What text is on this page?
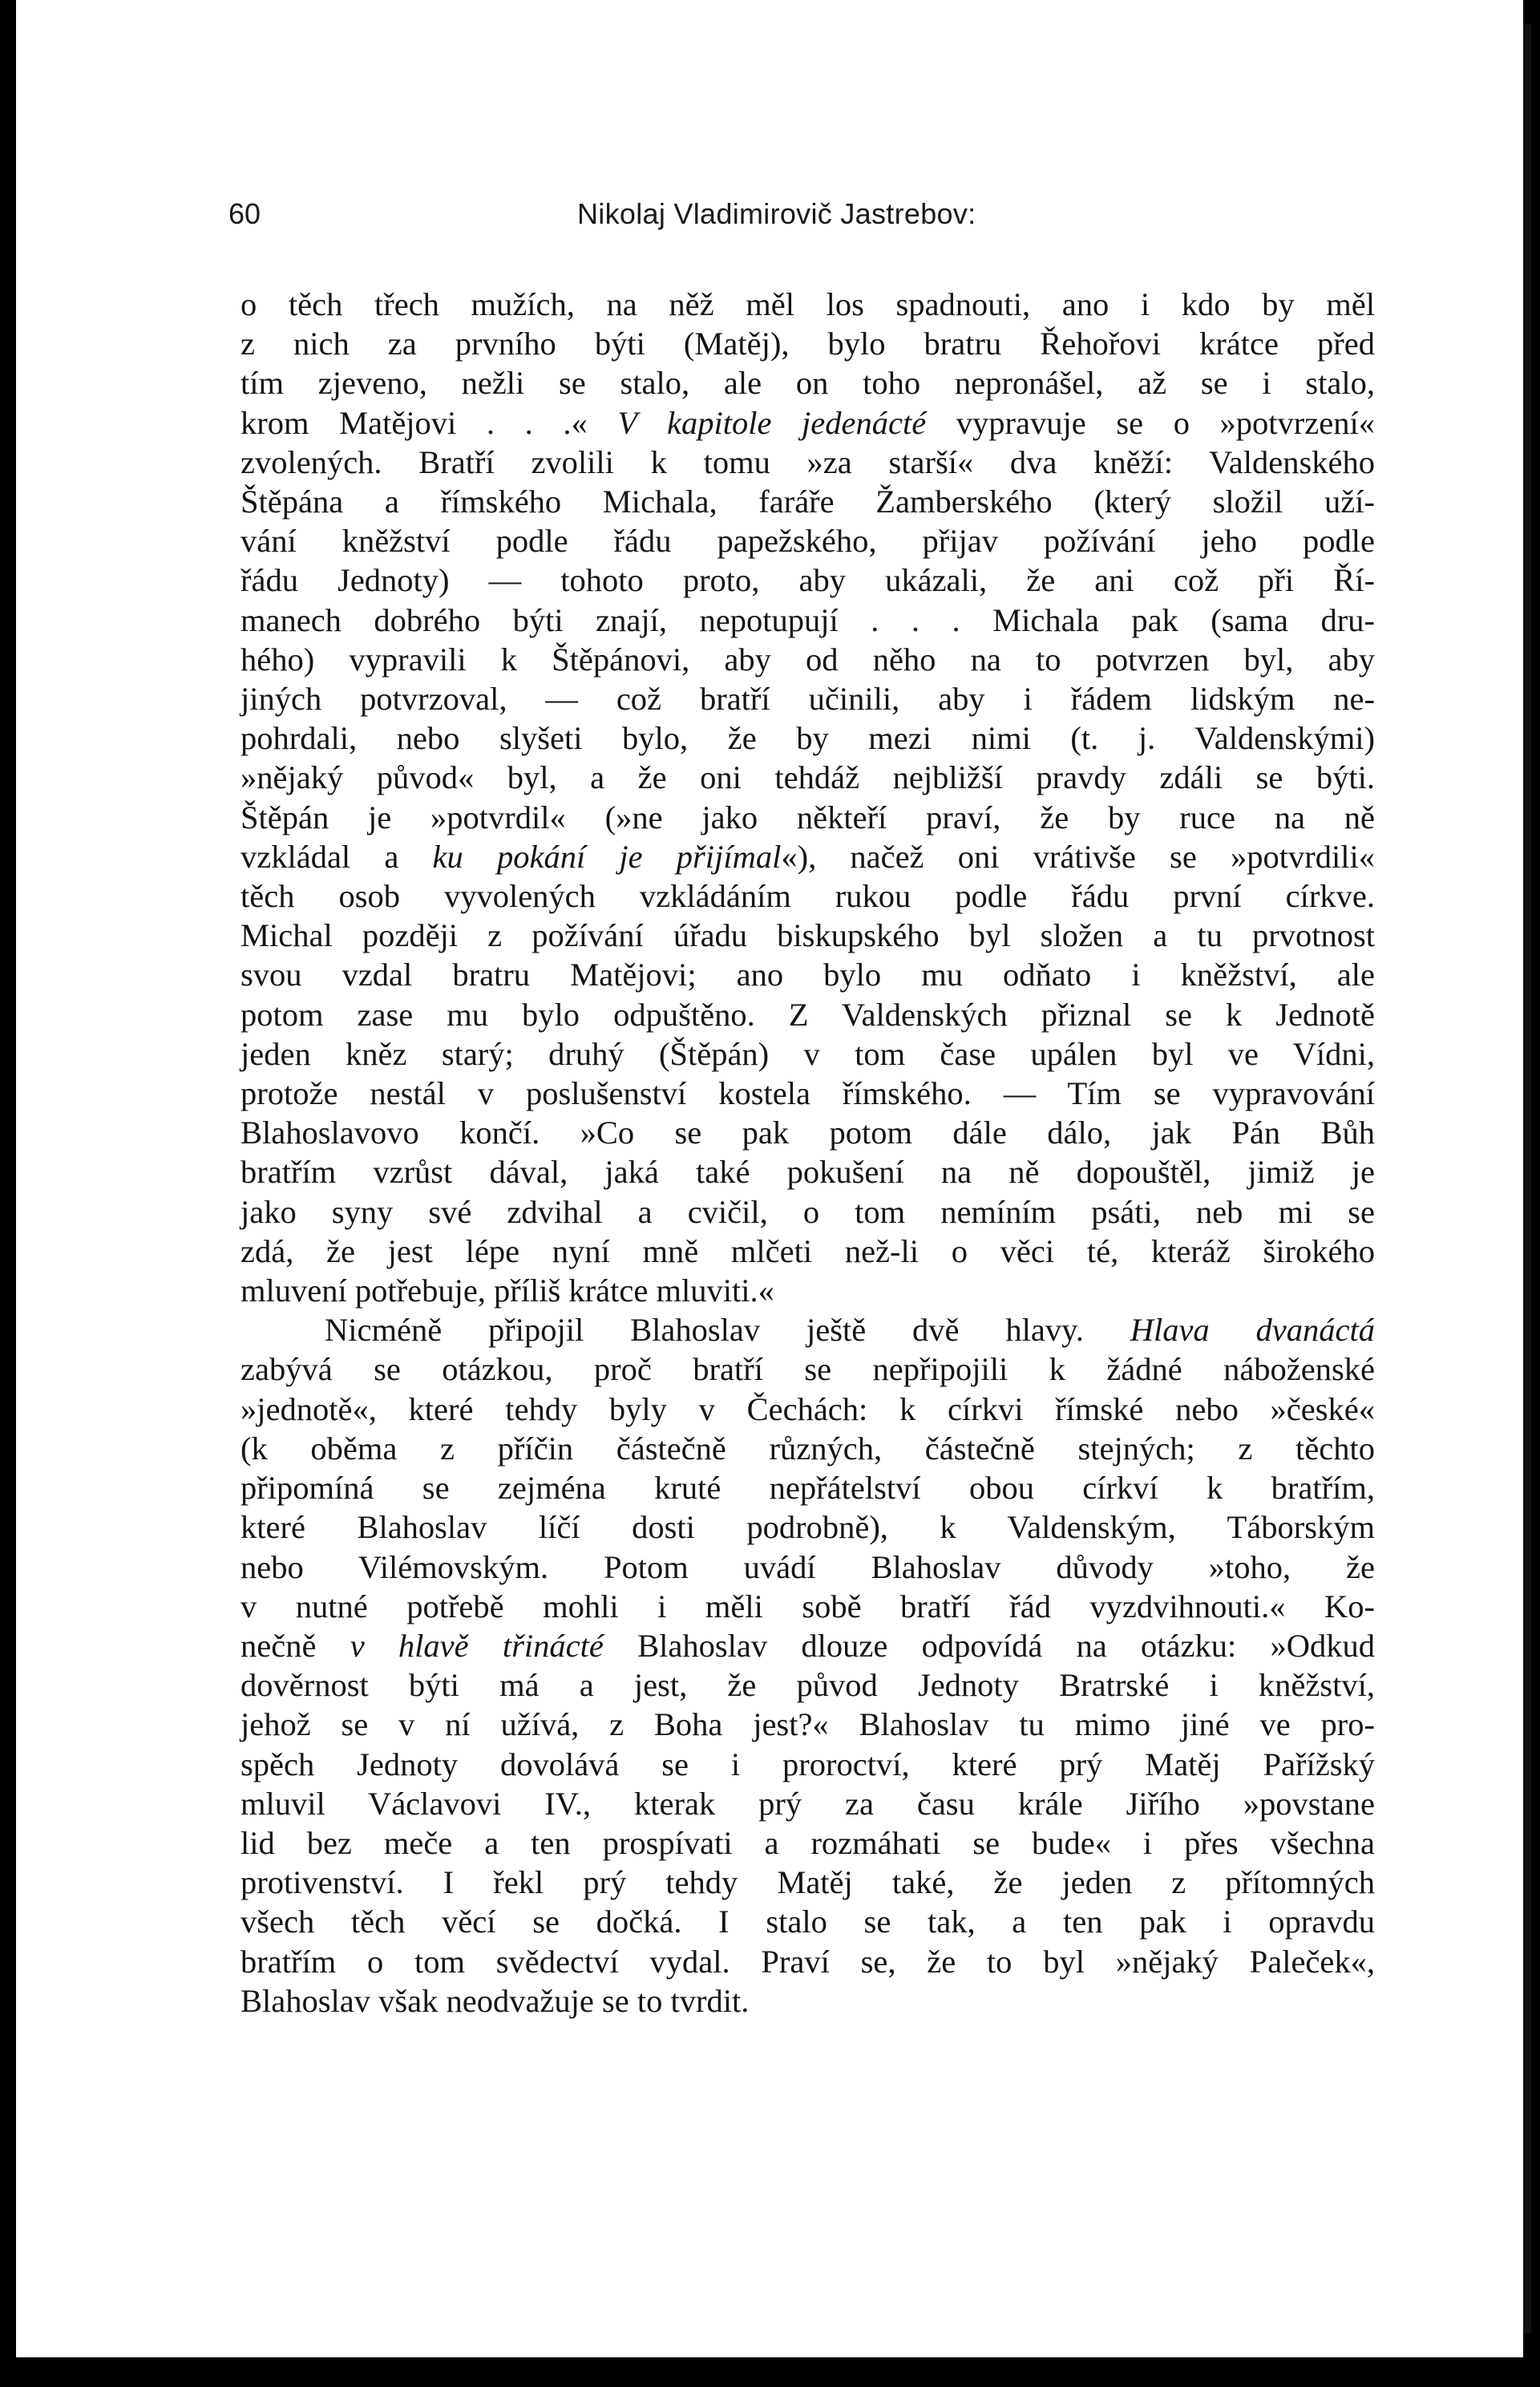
60	Nikolaj Vladimirovič Jastrebov:
o těch třech mužích, na něž měl los spadnouti, ano i kdo by měl
z nich za prvního býti (Matěj), bylo bratru Řehořovi krátce před
tím zjeveno, nežli se stalo, ale on toho nepronášel, až se i stalo,
krom Matějovi . . .« V kapitole jedenácté vypravuje se o »potvrzení«
zvolených. Bratří zvolili k tomu »za starší« dva kněží: Valdenského
Štěpána a římského Michala, faráře Žamberského (který složil uží-
vání kněžství podle řádu papežského, přijav požívání jeho podle
řádu Jednoty) — tohoto proto, aby ukázali, že ani což při Ří-
manech dobrého býti znají, nepotupují . . . Michala pak (sama dru-
hého) vypravili k Štěpánovi, aby od něho na to potvrzen byl, aby
jiných potvrzoval, — což bratří učinili, aby i řádem lidským ne-
pohrdali, nebo slyšeti bylo, že by mezi nimi (t. j. Valdenskými)
»nějaký původ« byl, a že oni tehdáž nejbližší pravdy zdáli se býti.
Štěpán je »potvrdil« (»ne jako někteří praví, že by ruce na ně
vzkládal a ku pokání je přijímal«), načež oni vrátivše se »potvrdili«
těch osob vyvolených vzkládáním rukou podle řádu první církve.
Michal později z požívání úřadu biskupského byl složen a tu prvotnost
svou vzdal bratru Matějovi; ano bylo mu odňato i kněžství, ale
potom zase mu bylo odpuštěno. Z Valdenských přiznal se k Jednotě
jeden kněz starý; druhý (Štěpán) v tom čase upálen byl ve Vídni,
protože nestál v poslušenství kostela římského. — Tím se vypravování
Blahoslavovo končí. »Co se pak potom dále dálo, jak Pán Bůh
bratřím vzrůst dával, jaká také pokušení na ně dopouštěl, jimiž je
jako syny své zdvihal a cvičil, o tom nemíním psáti, neb mi se
zdá, že jest lépe nyní mně mlčeti než-li o věci té, kteráž širokého
mluvení potřebuje, příliš krátce mluviti.«
Nicméně připojil Blahoslav ještě dvě hlavy. Hlava dvanáctá
zabývá se otázkou, proč bratří se nepřipojili k žádné náboženské
»jednotě«, které tehdy byly v Čechách: k církvi římské nebo »české«
(k oběma z příčin částečně různých, částečně stejných; z těchto
připomíná se zejména kruté nepřátelství obou církví k bratřím,
které Blahoslav líčí dosti podrobně), k Valdenským, Táborským
nebo Vilémovským. Potom uvádí Blahoslav důvody »toho, že
v nutné potřebě mohli i měli sobě bratří řád vyzdvihnouti.« Ko-
nečně v hlavě třinácté Blahoslav dlouze odpovídá na otázku: »Odkud
dověrnost býti má a jest, že původ Jednoty Bratrské i kněžství,
jehož se v ní užívá, z Boha jest?« Blahoslav tu mimo jiné ve pro-
spěch Jednoty dovolává se i proroctví, které prý Matěj Pařížský
mluvil Václavovi IV., kterak prý za času krále Jiřího »povstane
lid bez meče a ten prospívati a rozmáhati se bude« i přes všechna
protivenství. I řekl prý tehdy Matěj také, že jeden z přítomných
všech těch věcí se dočká. I stalo se tak, a ten pak i opravdu
bratřím o tom svědectví vydal. Praví se, že to byl »nějaký Paleček«,
Blahoslav však neodvažuje se to tvrdit.
